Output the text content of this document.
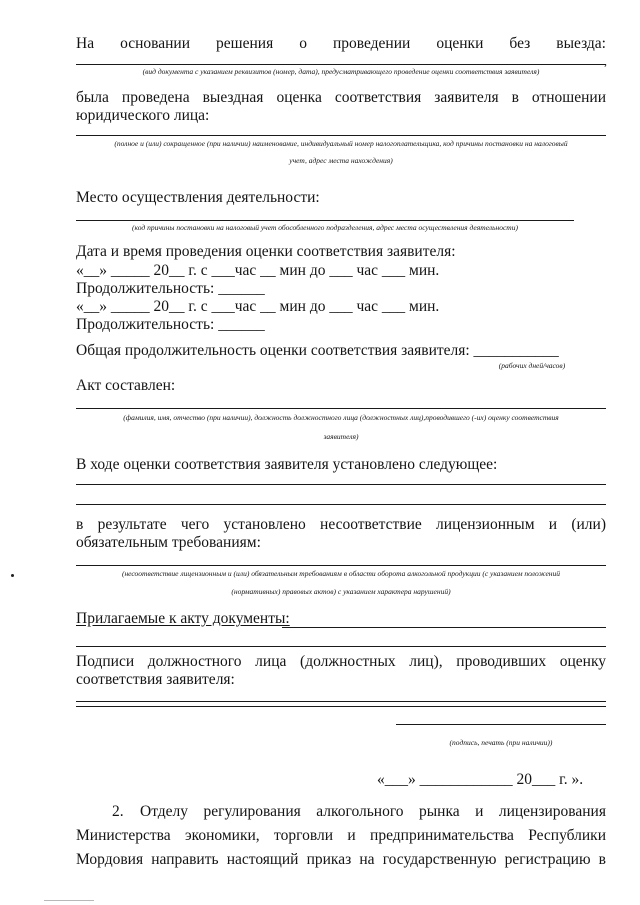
На основании решения о проведении оценки без выезда:
,
(вид документа с указанием реквизитов (номер, дата), предусматривающего проведение оценки соответствия заявителя)
была проведена выездная оценка соответствия заявителя в отношении
юридического лица:
(полное и (или) сокращенное (при наличии) наименование, индивидуальный номер налогоплательщика, код причины постановки на налоговый
учет, адрес места нахождения)
Место осуществления деятельности:
(код причины постановки на налоговый учет обособленного подразделения, адрес места осуществления деятельности)
Дата и время проведения оценки соответствия заявителя:
«__» _____ 20__ г. с ___час __ мин до ___ час ___ мин.
Продолжительность: ______
«__» _____ 20__ г. с ___час __ мин до ___ час ___ мин.
Продолжительность: ______
Общая продолжительность оценки соответствия заявителя: ___________
(рабочих дней/часов)
Акт составлен:
(фамилия, имя, отчество (при наличии), должность должностного лица (должностных лиц),проводившего (-их) оценку соответствия
заявителя)
В ходе оценки соответствия заявителя установлено следующее:
в результате чего установлено несоответствие лицензионным и (или)
обязательным требованиям:
(несоответствие лицензионным и (или) обязательным требованиям в области оборота алкогольной продукции (с указанием положений
(нормативных) правовых актов) с указанием характера нарушений)
Прилагаемые к акту документы:
Подписи должностного лица (должностных лиц), проводивших оценку
соответствия заявителя:
(подпись, печать (при наличии))
«___» ____________ 20___ г. ».
2. Отделу регулирования алкогольного рынка и лицензирования
Министерства экономики, торговли и предпринимательства Республики
Мордовия направить настоящий приказ на государственную регистрацию в
